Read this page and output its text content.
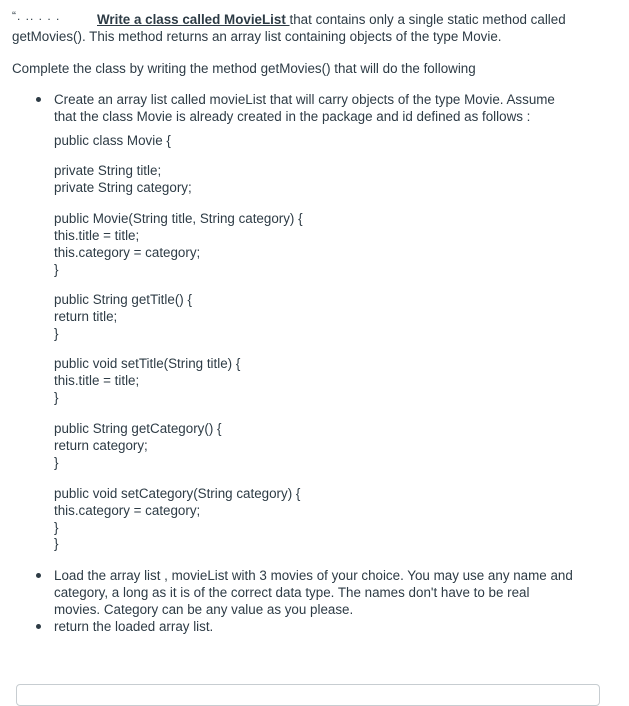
“. .. . . .	Write a class called MovieList that contains only a single static method called
getMovies(). This method returns an array list containing objects of the type Movie.
Complete the class by writing the method getMovies() that will do the following
Create an array list called movieList that will carry objects of the type Movie. Assume
that the class Movie is already created in the package and id defined as follows :
public class Movie {
private String title;
private String category;
public Movie(String title, String category) {
this.title = title;
this.category = category;
}
public String getTitle() {
return title;
}
public void setTitle(String title) {
this.title = title;
}
public String getCategory() {
return category;
}
public void setCategory(String category) {
this.category = category;
}
}
Load the array list , movieList with 3 movies of your choice. You may use any name and
category, a long as it is of the correct data type. The names don't have to be real
movies. Category can be any value as you please.
return the loaded array list.
